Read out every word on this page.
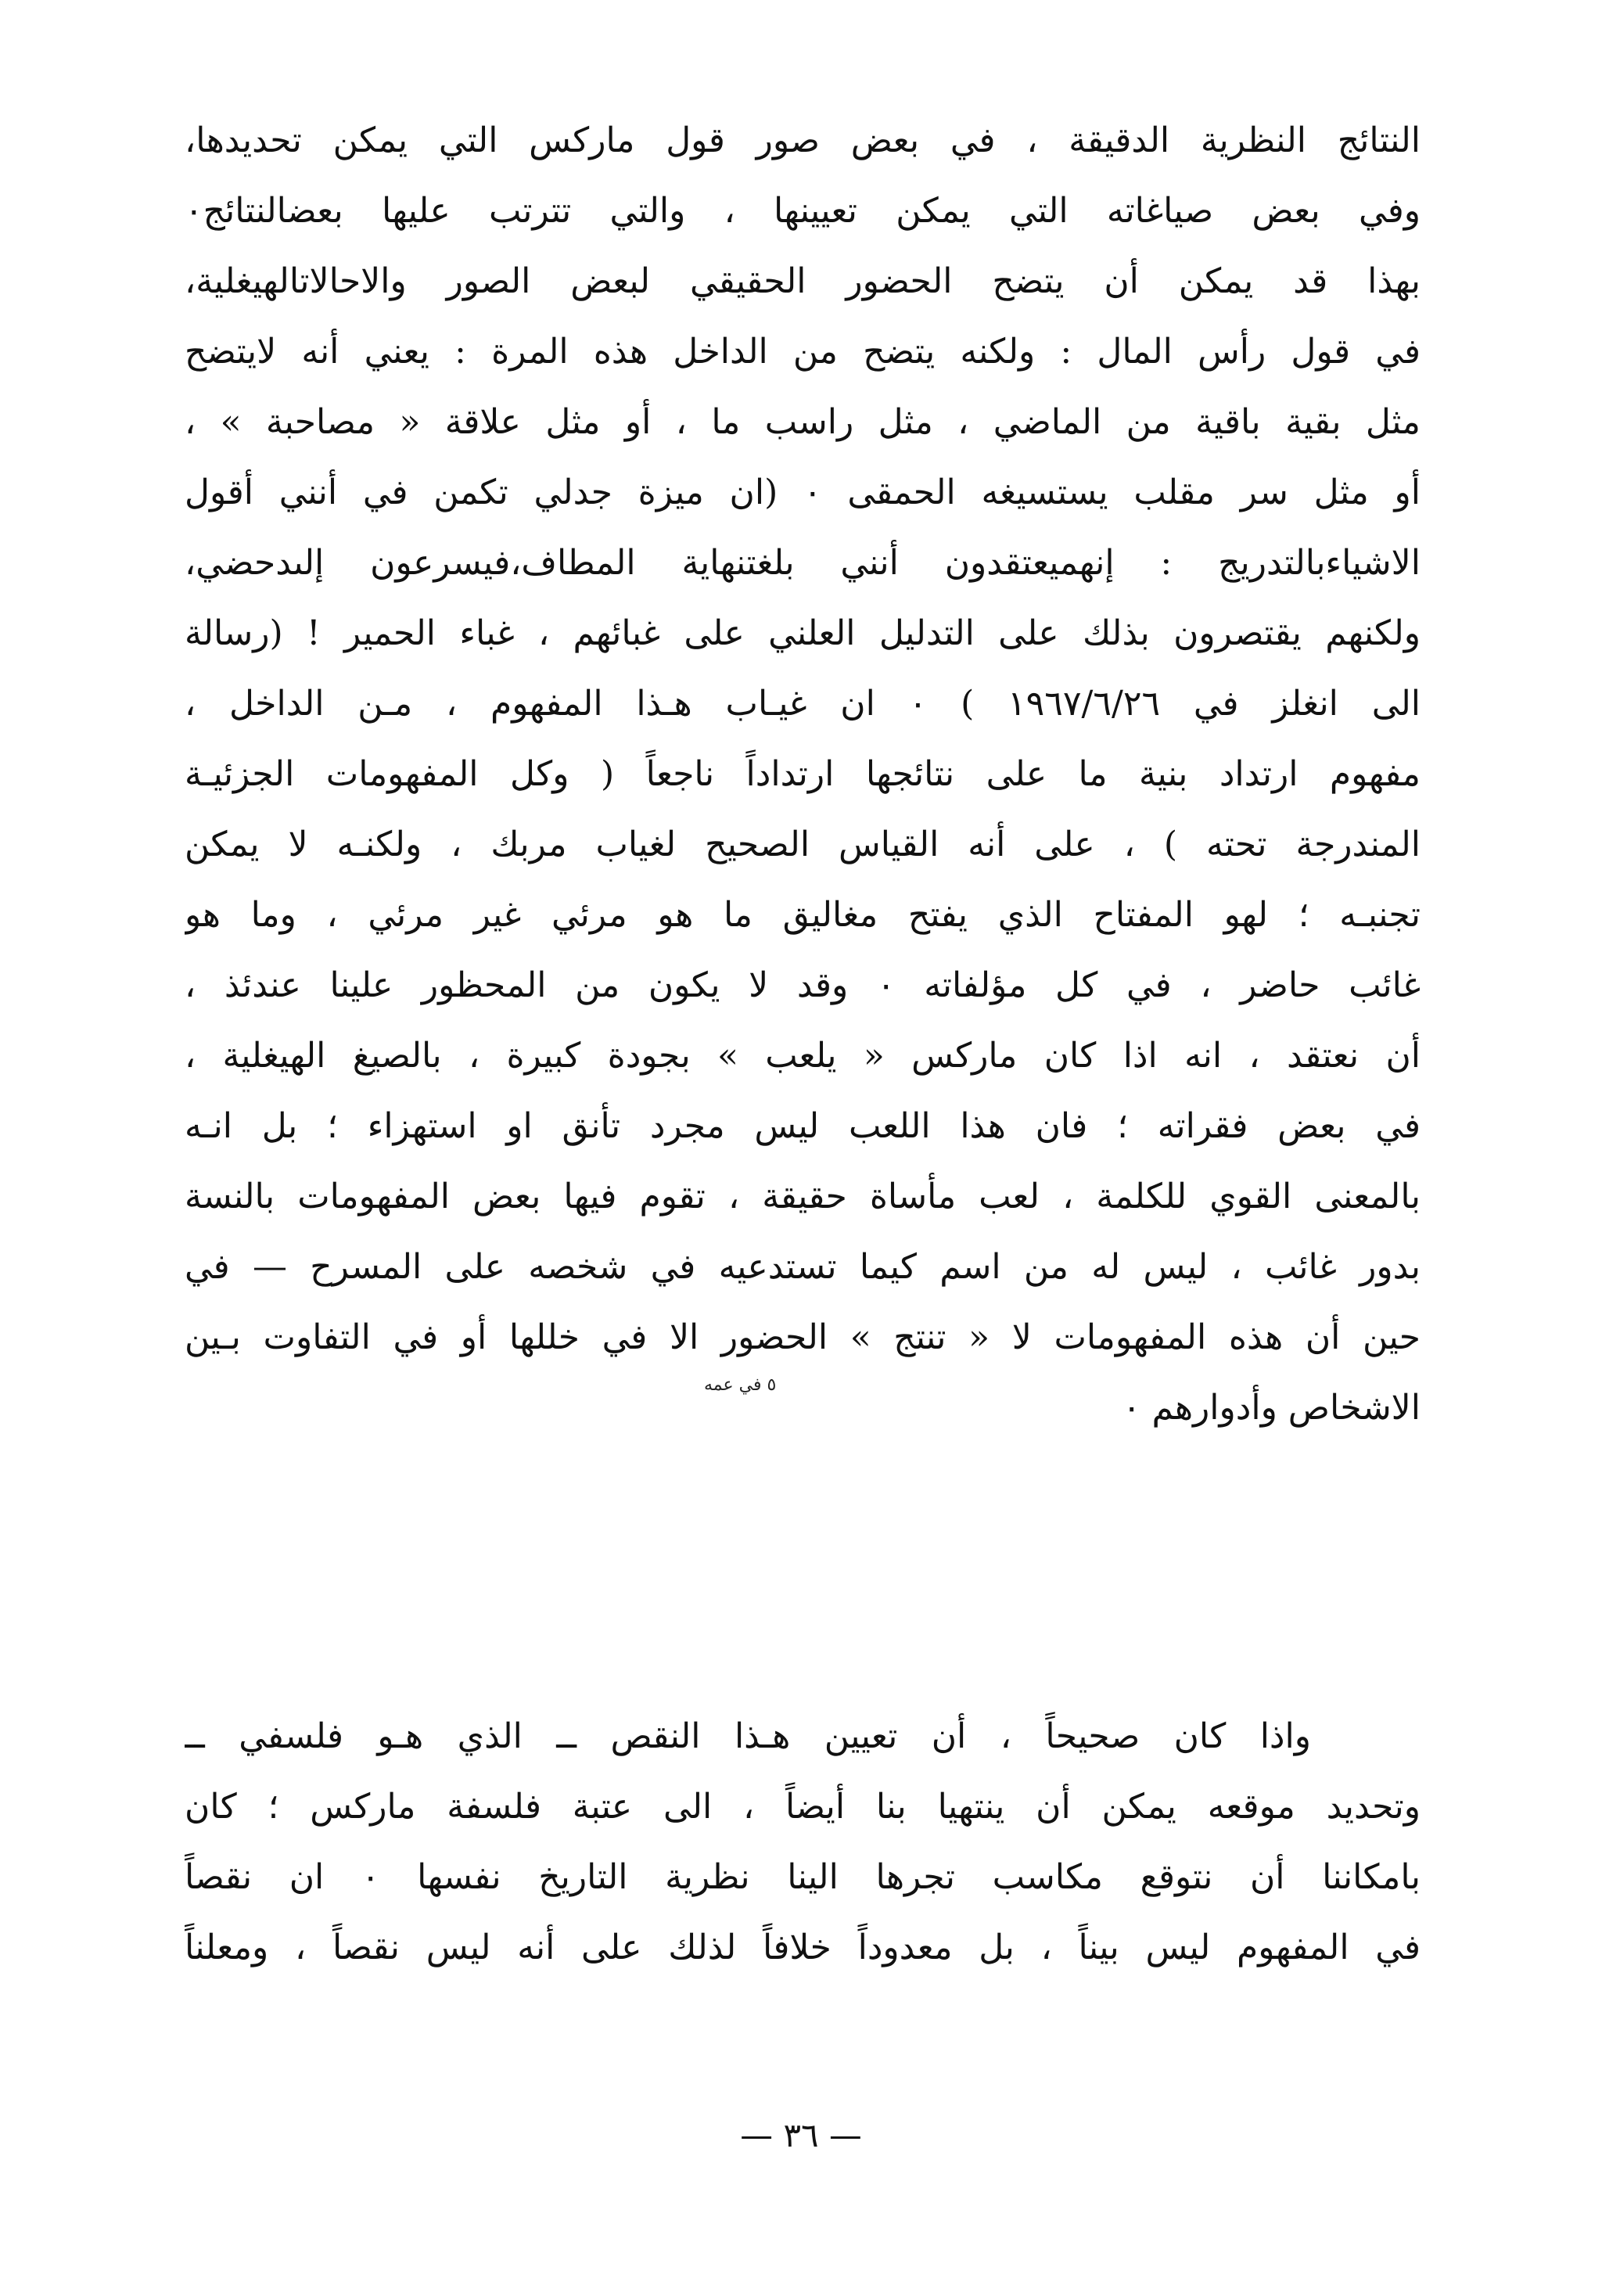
النتائج النظرية الدقيقة ، في بعض صور قول ماركس التي يمكن تحديدها،
وفي بعض صياغاته التي يمكن تعيينها ، والتي تترتب عليها بعضالنتائج٠
بهذا قد يمكن أن يتضح الحضور الحقيقي لبعض الصور والاحالاتالهيغلية،
في قول رأس المال : ولكنه يتضح من الداخل هذه المرة : يعني أنه لايتضح
مثل بقية باقية من الماضي ، مثل راسب ما ، أو مثل علاقة « مصاحبة » ،
أو مثل سر مقلب يستسيغه الحمقى ٠ (ان ميزة جدلي تكمن في أنني أقول
الاشياءبالتدريج : إنهميعتقدون أنني بلغتنهاية المطاف،فيسرعون إلىدحضي،
ولكنهم يقتصرون بذلك على التدليل العلني على غبائهم ، غباء الحمير ! (رسالة
الى انغلز في ١٩٦٧/٦/٢٦ ) ٠ ان غيـاب هـذا المفهوم ، مـن الداخل ،
مفهوم ارتداد بنية ما على نتائجها ارتداداً ناجعاً ( وكل المفهومات الجزئيـة
المندرجة تحته ) ، على أنه القياس الصحيح لغياب مربك ، ولكنـه لا يمكن
تجنبـه ؛ لهو المفتاح الذي يفتح مغاليق ما هو مرئي غير مرئي ، وما هو
غائب حاضر ، في كل مؤلفاته ٠ وقد لا يكون من المحظور علينا عندئذ ،
أن نعتقد ، انه اذا كان ماركس « يلعب » بجودة كبيرة ، بالصيغ الهيغلية ،
في بعض فقراته ؛ فان هذا اللعب ليس مجرد تأنق او استهزاء ؛ بل انـه
بالمعنى القوي للكلمة ، لعب مأساة حقيقة ، تقوم فيها بعض المفهومات بالنسة
بدور غائب ، ليس له من اسم كيما تستدعيه في شخصه على المسرح — في
حين أن هذه المفهومات لا « تنتج » الحضور الا في خللها أو في التفاوت بـين
الاشخاص وأدوارهم ٠
٥ في عمه
واذا كان صحيحاً ، أن تعيين هـذا النقص ــ الذي هـو فلسفي ــ
وتحديد موقعه يمكن أن ينتهيا بنا أيضاً ، الى عتبة فلسفة ماركس ؛ كان
بامكاننا أن نتوقع مكاسب تجرها الينا نظرية التاريخ نفسها ٠ ان نقصاً
في المفهوم ليس بيناً ، بل معدوداً خلافاً لذلك على أنه ليس نقصاً ، ومعلناً
— ٣٦ —
